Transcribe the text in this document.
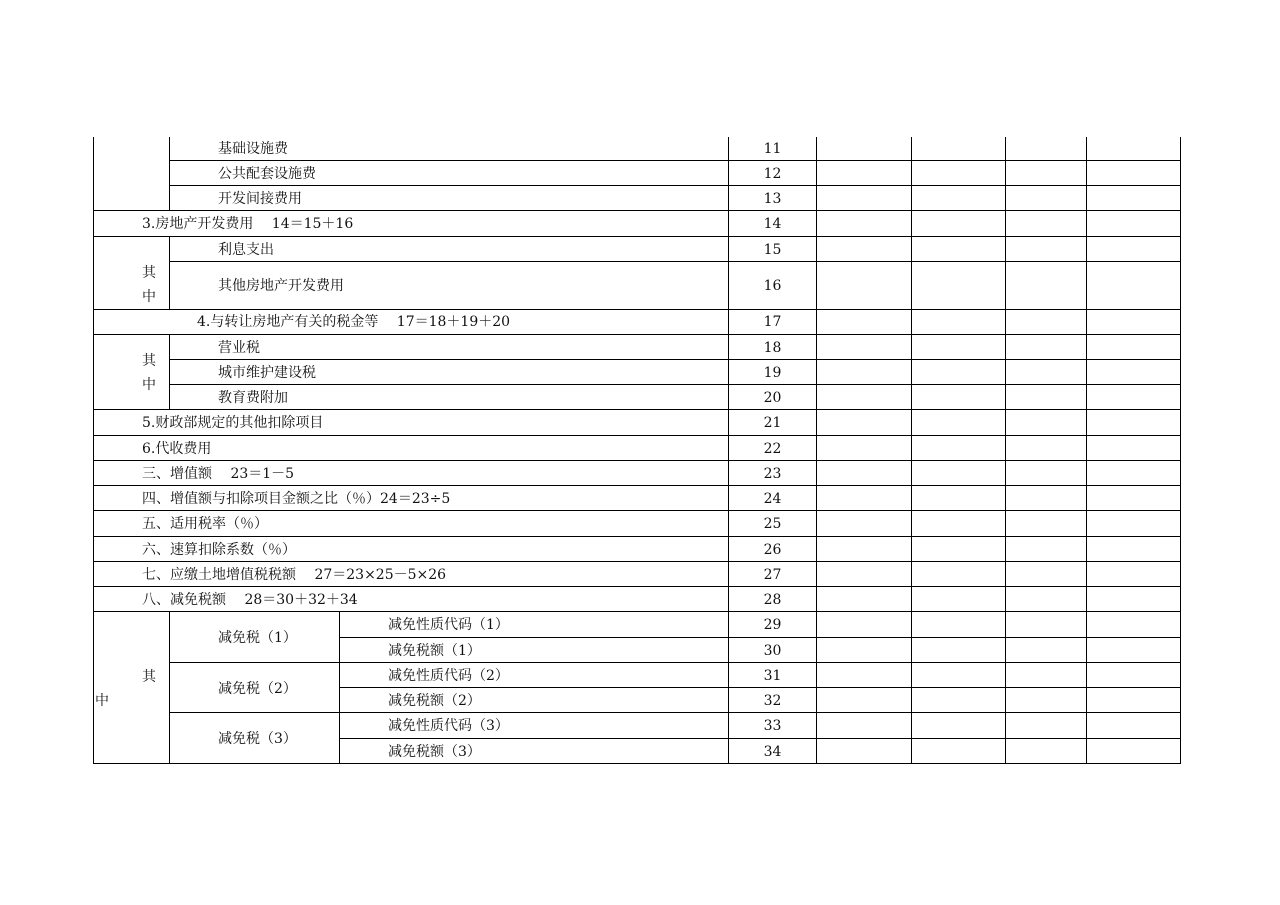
基础设施费
公共配套设施费
开发间接费用
3.房地产开发费用　 14＝15＋16
利息支出
其他房地产开发费用
4.与转让房地产有关的税金等　 17＝18＋19＋20
营业税
城市维护建设税
教育费附加
5.财政部规定的其他扣除项目
6.代收费用
三、增值额　 23＝1－5
四、增值额与扣除项目金额之比（％）24＝23÷5
五、适用税率（％）
六、速算扣除系数（％）
七、应缴土地增值税税额　 27＝23×25－5×26
八、减免税额　 28＝30＋32＋34
减免性质代码（1）
减免税额（1）
减免性质代码（2）
减免税额（2）
减免性质代码（3）
减免税额（3）
11
12
13
14
15
16
17
18
19
20
21
22
23
24
25
26
27
28
29
30
31
32
33
34
其
中
其
中
其
中
减免税（1）
减免税（2）
减免税（3）
